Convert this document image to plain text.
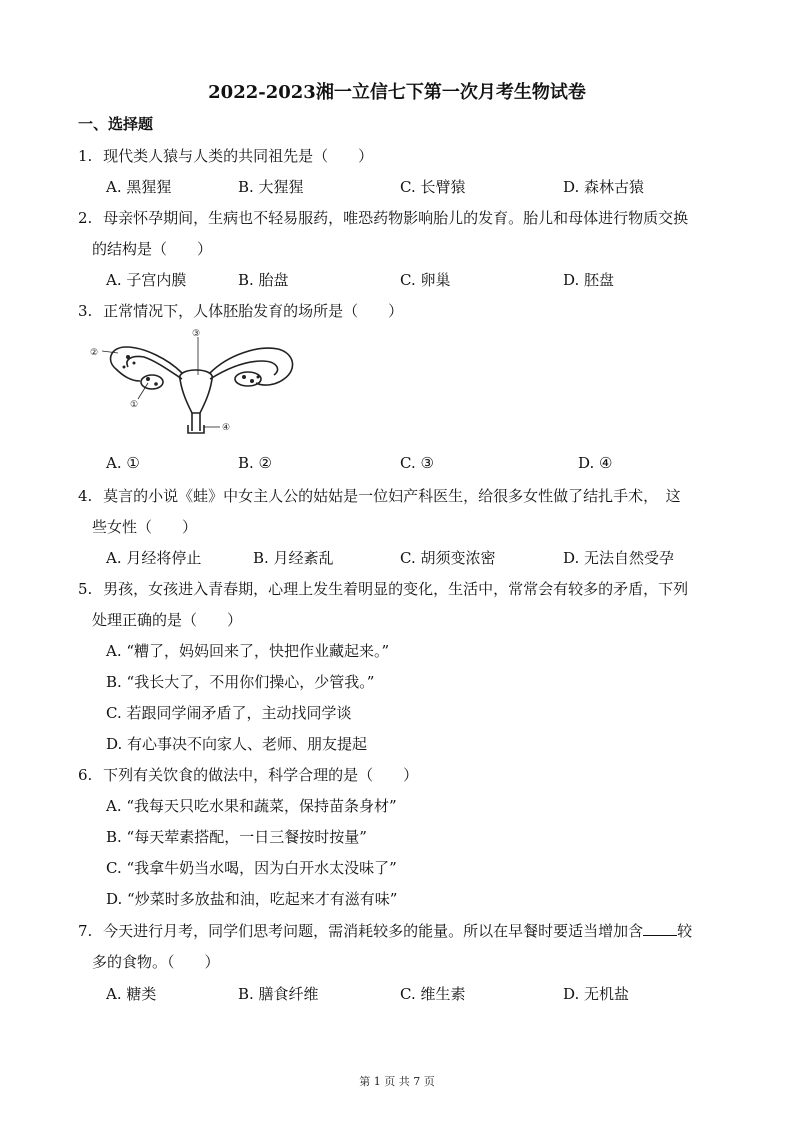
2022-2023湘一立信七下第一次月考生物试卷
一、选择题
1. 现代类人猿与人类的共同祖先是（　　）
A. 黑猩猩	B. 大猩猩	C. 长臂猿	D. 森林古猿
2. 母亲怀孕期间，生病也不轻易服药，唯恐药物影响胎儿的发育。胎儿和母体进行物质交换
的结构是（　　）
A. 子宫内膜	B. 胎盘	C. 卵巢	D. 胚盘
3. 正常情况下，人体胚胎发育的场所是（　　）
③
②
①
④
A. ①	B. ②	C. ③	D. ④
4. 莫言的小说《蛙》中女主人公的姑姑是一位妇产科医生，给很多女性做了结扎手术，　这
些女性（　　）
A. 月经将停止	B. 月经紊乱	C. 胡须变浓密	D. 无法自然受孕
5. 男孩，女孩进入青春期，心理上发生着明显的变化，生活中，常常会有较多的矛盾，下列
处理正确的是（　　）
A. “糟了，妈妈回来了，快把作业藏起来。”
B. “我长大了，不用你们操心，少管我。”
C. 若跟同学闹矛盾了，主动找同学谈
D. 有心事决不向家人、老师、朋友提起
6. 下列有关饮食的做法中，科学合理的是（　　）
A. “我每天只吃水果和蔬菜，保持苗条身材”
B. “每天荤素搭配，一日三餐按时按量”
C. “我拿牛奶当水喝，因为白开水太没味了”
D. “炒菜时多放盐和油，吃起来才有滋有味”
7. 今天进行月考，同学们思考问题，需消耗较多的能量。所以在早餐时要适当增加含 较
多的食物。（　　）
A. 糖类	B. 膳食纤维	C. 维生素	D. 无机盐
第 1 页 共 7 页
